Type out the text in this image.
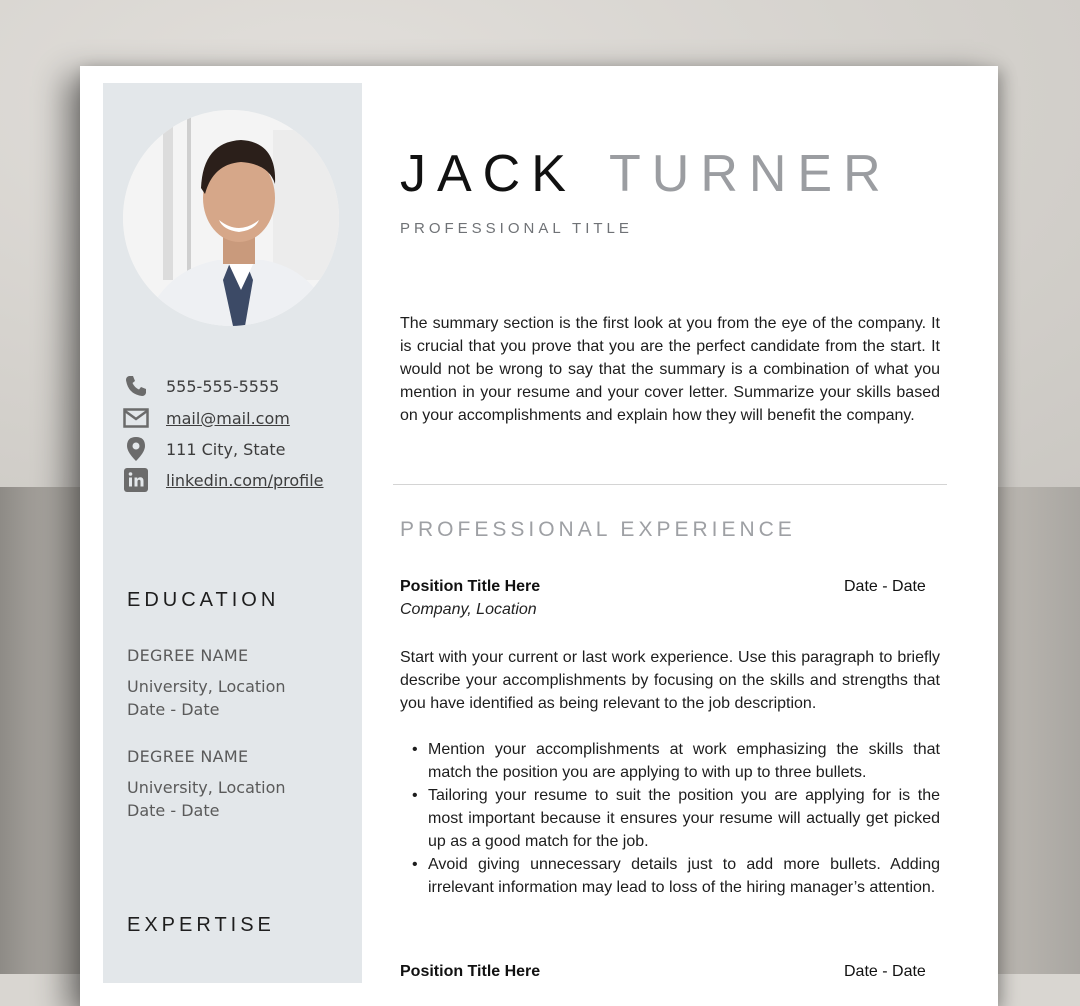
555-555-5555
mail@mail.com
111 City, State
linkedin.com/profile
EDUCATION
DEGREE NAME
University, Location
Date - Date
DEGREE NAME
University, Location
Date - Date
EXPERTISE
JACK TURNER
PROFESSIONAL TITLE
The summary section is the first look at you from the eye of the company. It is crucial that you prove that you are the perfect candidate from the start. It would not be wrong to say that the summary is a combination of what you mention in your resume and your cover letter. Summarize your skills based on your accomplishments and explain how they will benefit the company.
PROFESSIONAL EXPERIENCE
Position Title Here	Date - Date
Company, Location
Start with your current or last work experience. Use this paragraph to briefly describe your accomplishments by focusing on the skills and strengths that you have identified as being relevant to the job description.
• Mention your accomplishments at work emphasizing the skills that match the position you are applying to with up to three bullets.
• Tailoring your resume to suit the position you are applying for is the most important because it ensures your resume will actually get picked up as a good match for the job.
• Avoid giving unnecessary details just to add more bullets. Adding irrelevant information may lead to loss of the hiring manager’s attention.
Position Title Here	Date - Date
